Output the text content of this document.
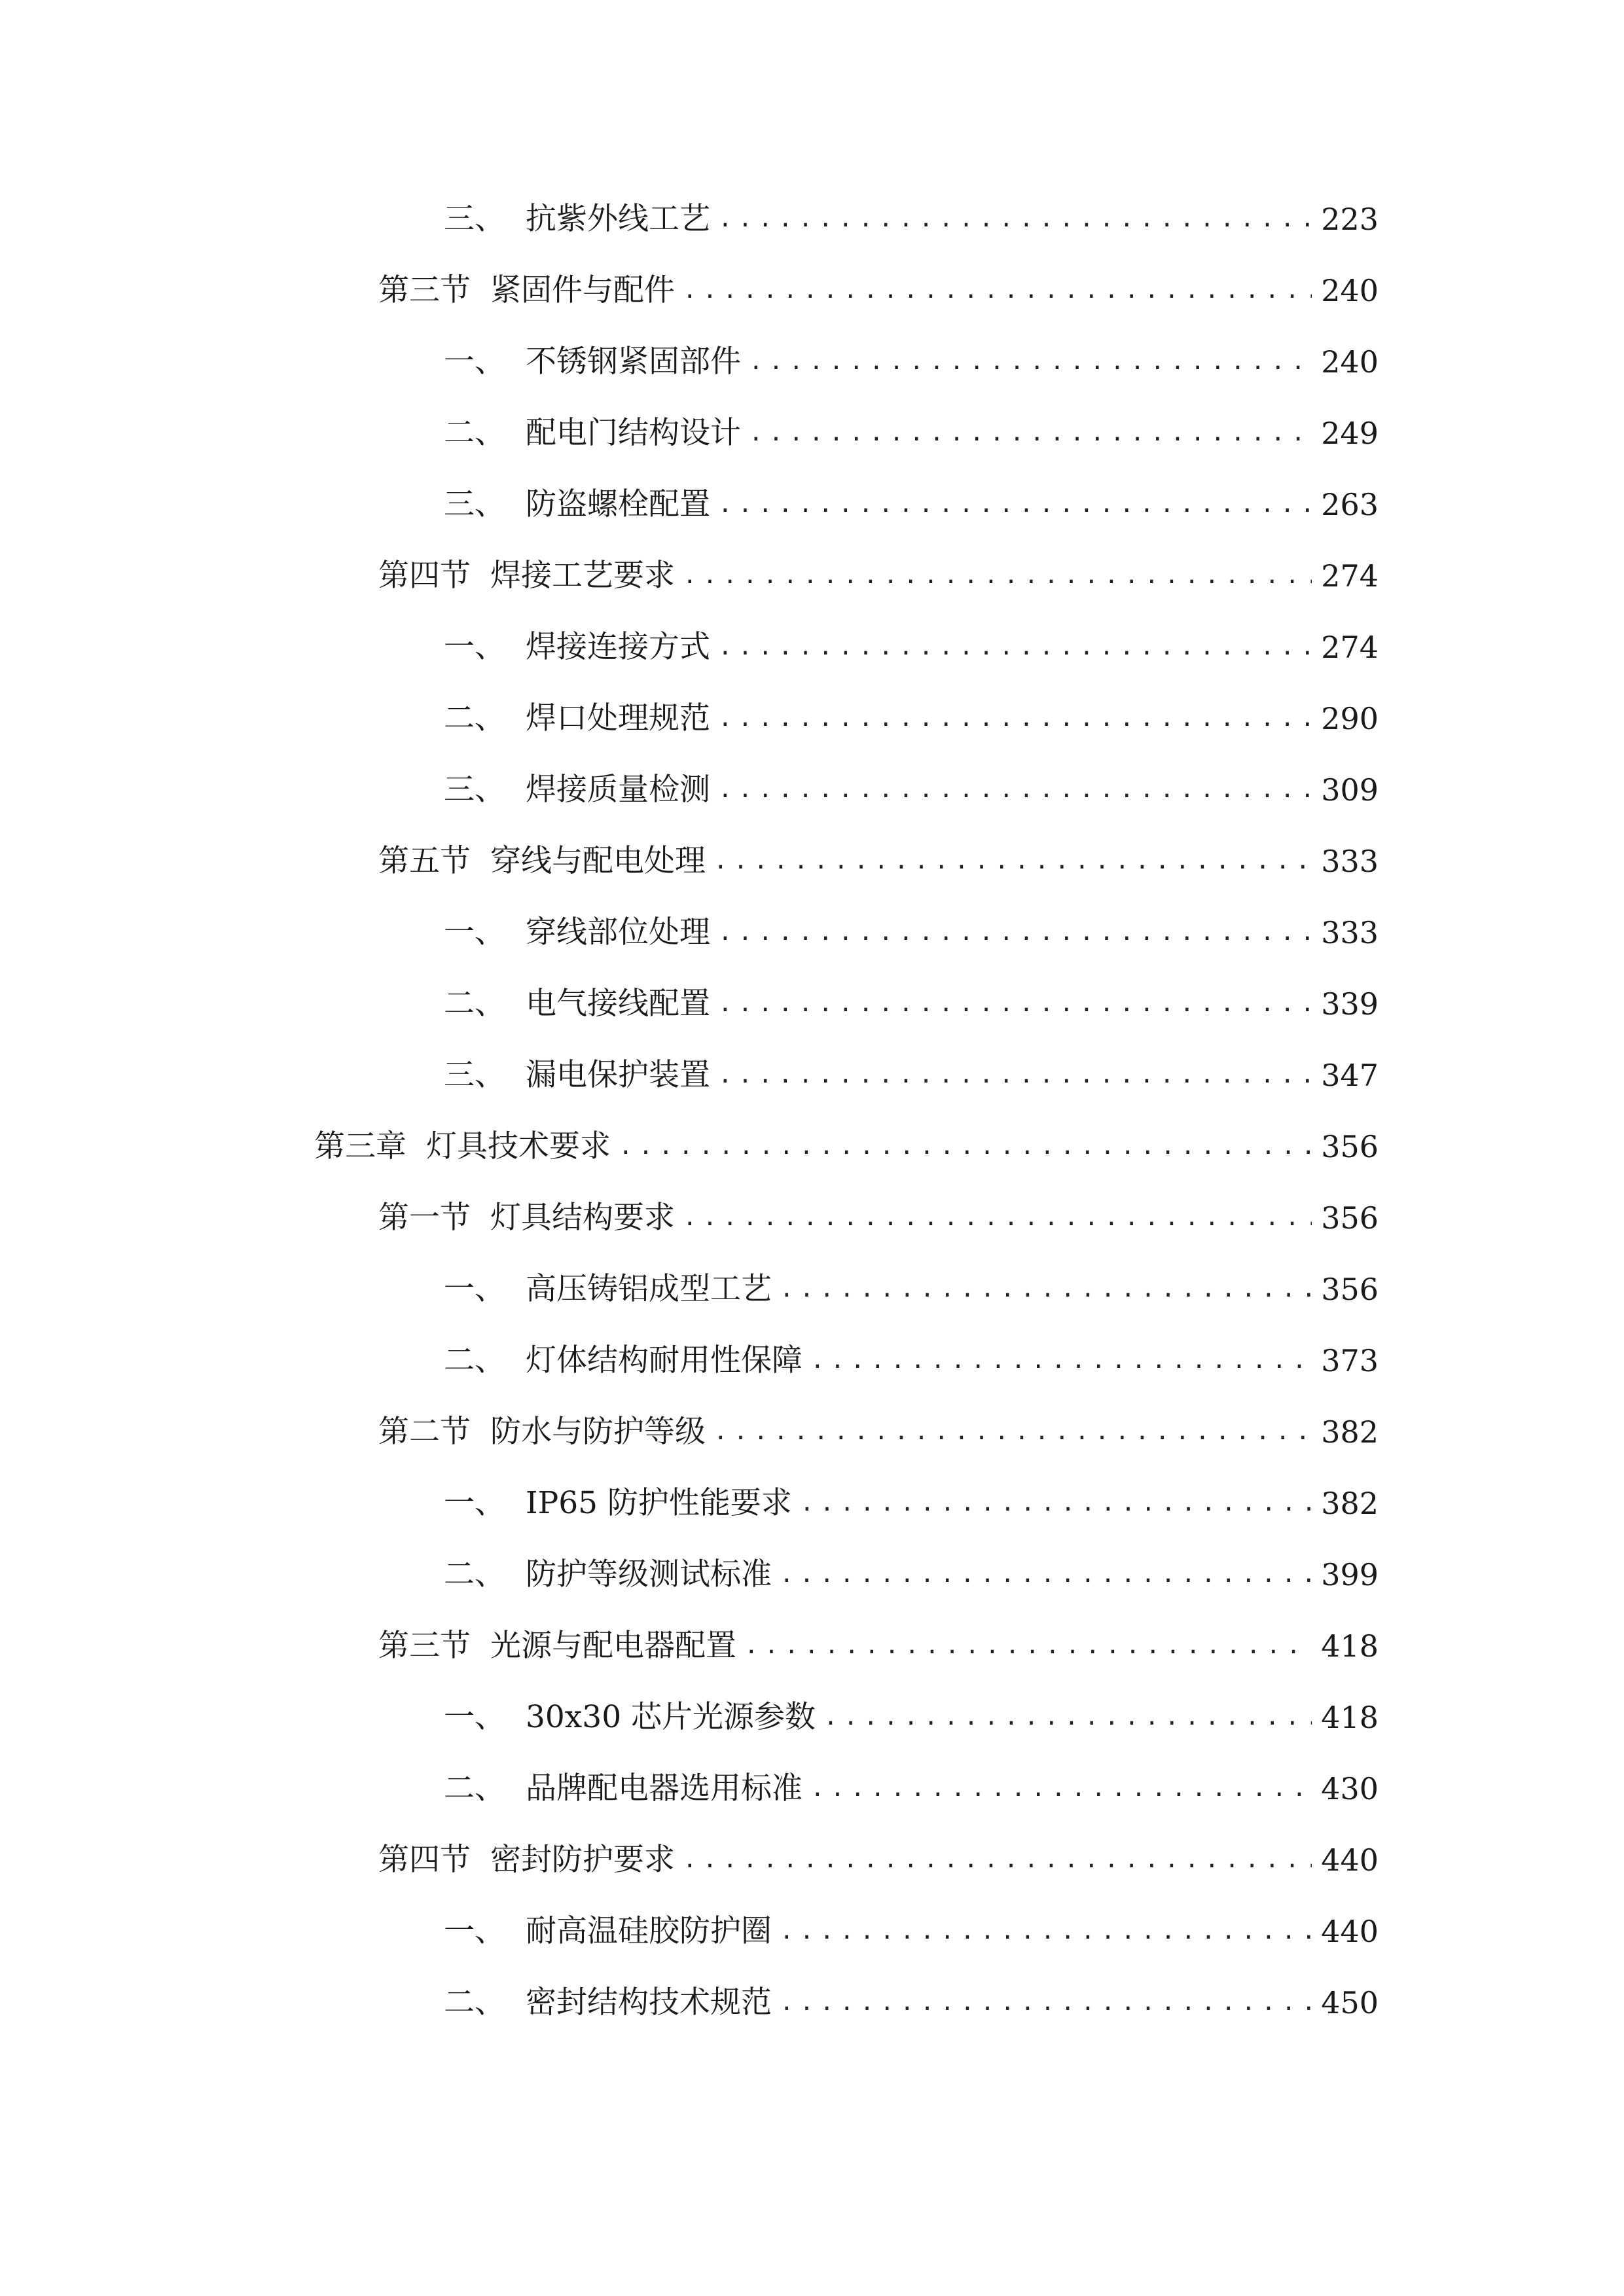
三、 抗紫外线工艺 .....	223
第三节 紧固件与配件 .....	240
一、 不锈钢紧固部件 .....	240
二、 配电门结构设计 .....	249
三、 防盗螺栓配置 .....	263
第四节 焊接工艺要求 .....	274
一、 焊接连接方式 .....	274
二、 焊口处理规范 .....	290
三、 焊接质量检测 .....	309
第五节 穿线与配电处理 .....	333
一、 穿线部位处理 .....	333
二、 电气接线配置 .....	339
三、 漏电保护装置 .....	347
第三章 灯具技术要求 .....	356
第一节 灯具结构要求 .....	356
一、 高压铸铝成型工艺 .....	356
二、 灯体结构耐用性保障 .....	373
第二节 防水与防护等级 .....	382
一、 IP65 防护性能要求 .....	382
二、 防护等级测试标准 .....	399
第三节 光源与配电器配置 .....	418
一、 30x30 芯片光源参数 .....	418
二、 品牌配电器选用标准 .....	430
第四节 密封防护要求 .....	440
一、 耐高温硅胶防护圈 .....	440
二、 密封结构技术规范 .....	450
